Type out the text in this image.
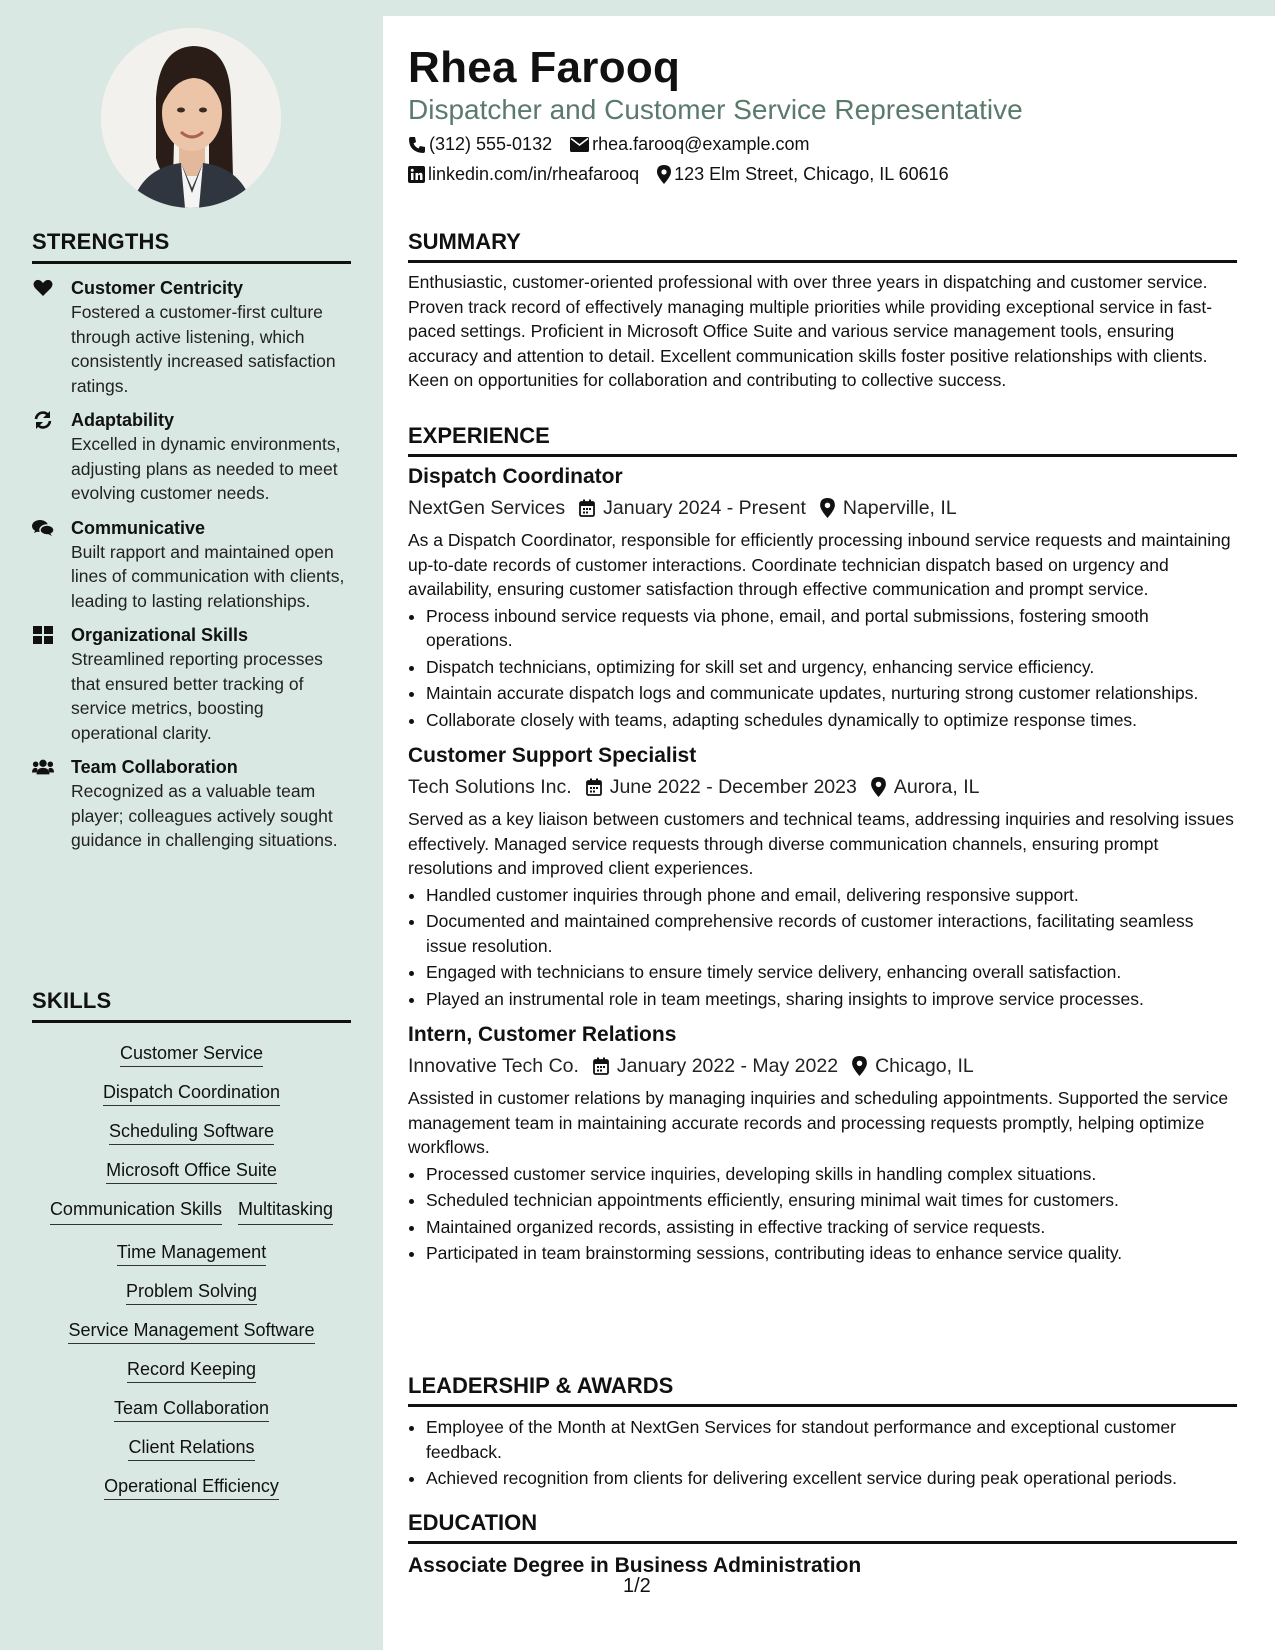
STRENGTHS
Customer Centricity
Fostered a customer-first culture through active listening, which consistently increased satisfaction ratings.
Adaptability
Excelled in dynamic environments, adjusting plans as needed to meet evolving customer needs.
Communicative
Built rapport and maintained open lines of communication with clients, leading to lasting relationships.
Organizational Skills
Streamlined reporting processes that ensured better tracking of service metrics, boosting operational clarity.
Team Collaboration
Recognized as a valuable team player; colleagues actively sought guidance in challenging situations.
SKILLS
Customer Service
Dispatch Coordination
Scheduling Software
Microsoft Office Suite
Communication Skills Multitasking
Time Management
Problem Solving
Service Management Software
Record Keeping
Team Collaboration
Client Relations
Operational Efficiency
Rhea Farooq
Dispatcher and Customer Service Representative
(312) 555-0132 rhea.farooq@example.com
linkedin.com/in/rheafarooq 123 Elm Street, Chicago, IL 60616
SUMMARY

Enthusiastic, customer-oriented professional with over three years in dispatching and customer service. Proven track record of effectively managing multiple priorities while providing exceptional service in fast-paced settings. Proficient in Microsoft Office Suite and various service management tools, ensuring accuracy and attention to detail. Excellent communication skills foster positive relationships with clients. Keen on opportunities for collaboration and contributing to collective success.

EXPERIENCE
Dispatch Coordinator
NextGen Services January 2024 - Present Naperville, IL

As a Dispatch Coordinator, responsible for efficiently processing inbound service requests and maintaining up-to-date records of customer interactions. Coordinate technician dispatch based on urgency and availability, ensuring customer satisfaction through effective communication and prompt service.

• Process inbound service requests via phone, email, and portal submissions, fostering smooth operations.
• Dispatch technicians, optimizing for skill set and urgency, enhancing service efficiency.
• Maintain accurate dispatch logs and communicate updates, nurturing strong customer relationships.
• Collaborate closely with teams, adapting schedules dynamically to optimize response times.
Customer Support Specialist
Tech Solutions Inc. June 2022 - December 2023 Aurora, IL

Served as a key liaison between customers and technical teams, addressing inquiries and resolving issues effectively. Managed service requests through diverse communication channels, ensuring prompt resolutions and improved client experiences.

• Handled customer inquiries through phone and email, delivering responsive support.
• Documented and maintained comprehensive records of customer interactions, facilitating seamless issue resolution.
• Engaged with technicians to ensure timely service delivery, enhancing overall satisfaction.
• Played an instrumental role in team meetings, sharing insights to improve service processes.
Intern, Customer Relations
Innovative Tech Co. January 2022 - May 2022 Chicago, IL

Assisted in customer relations by managing inquiries and scheduling appointments. Supported the service management team in maintaining accurate records and processing requests promptly, helping optimize workflows.

• Processed customer service inquiries, developing skills in handling complex situations.
• Scheduled technician appointments efficiently, ensuring minimal wait times for customers.
• Maintained organized records, assisting in effective tracking of service requests.
• Participated in team brainstorming sessions, contributing ideas to enhance service quality.
LEADERSHIP & AWARDS
• Employee of the Month at NextGen Services for standout performance and exceptional customer feedback.
• Achieved recognition from clients for delivering excellent service during peak operational periods.
EDUCATION
Associate Degree in Business Administration
1/2
